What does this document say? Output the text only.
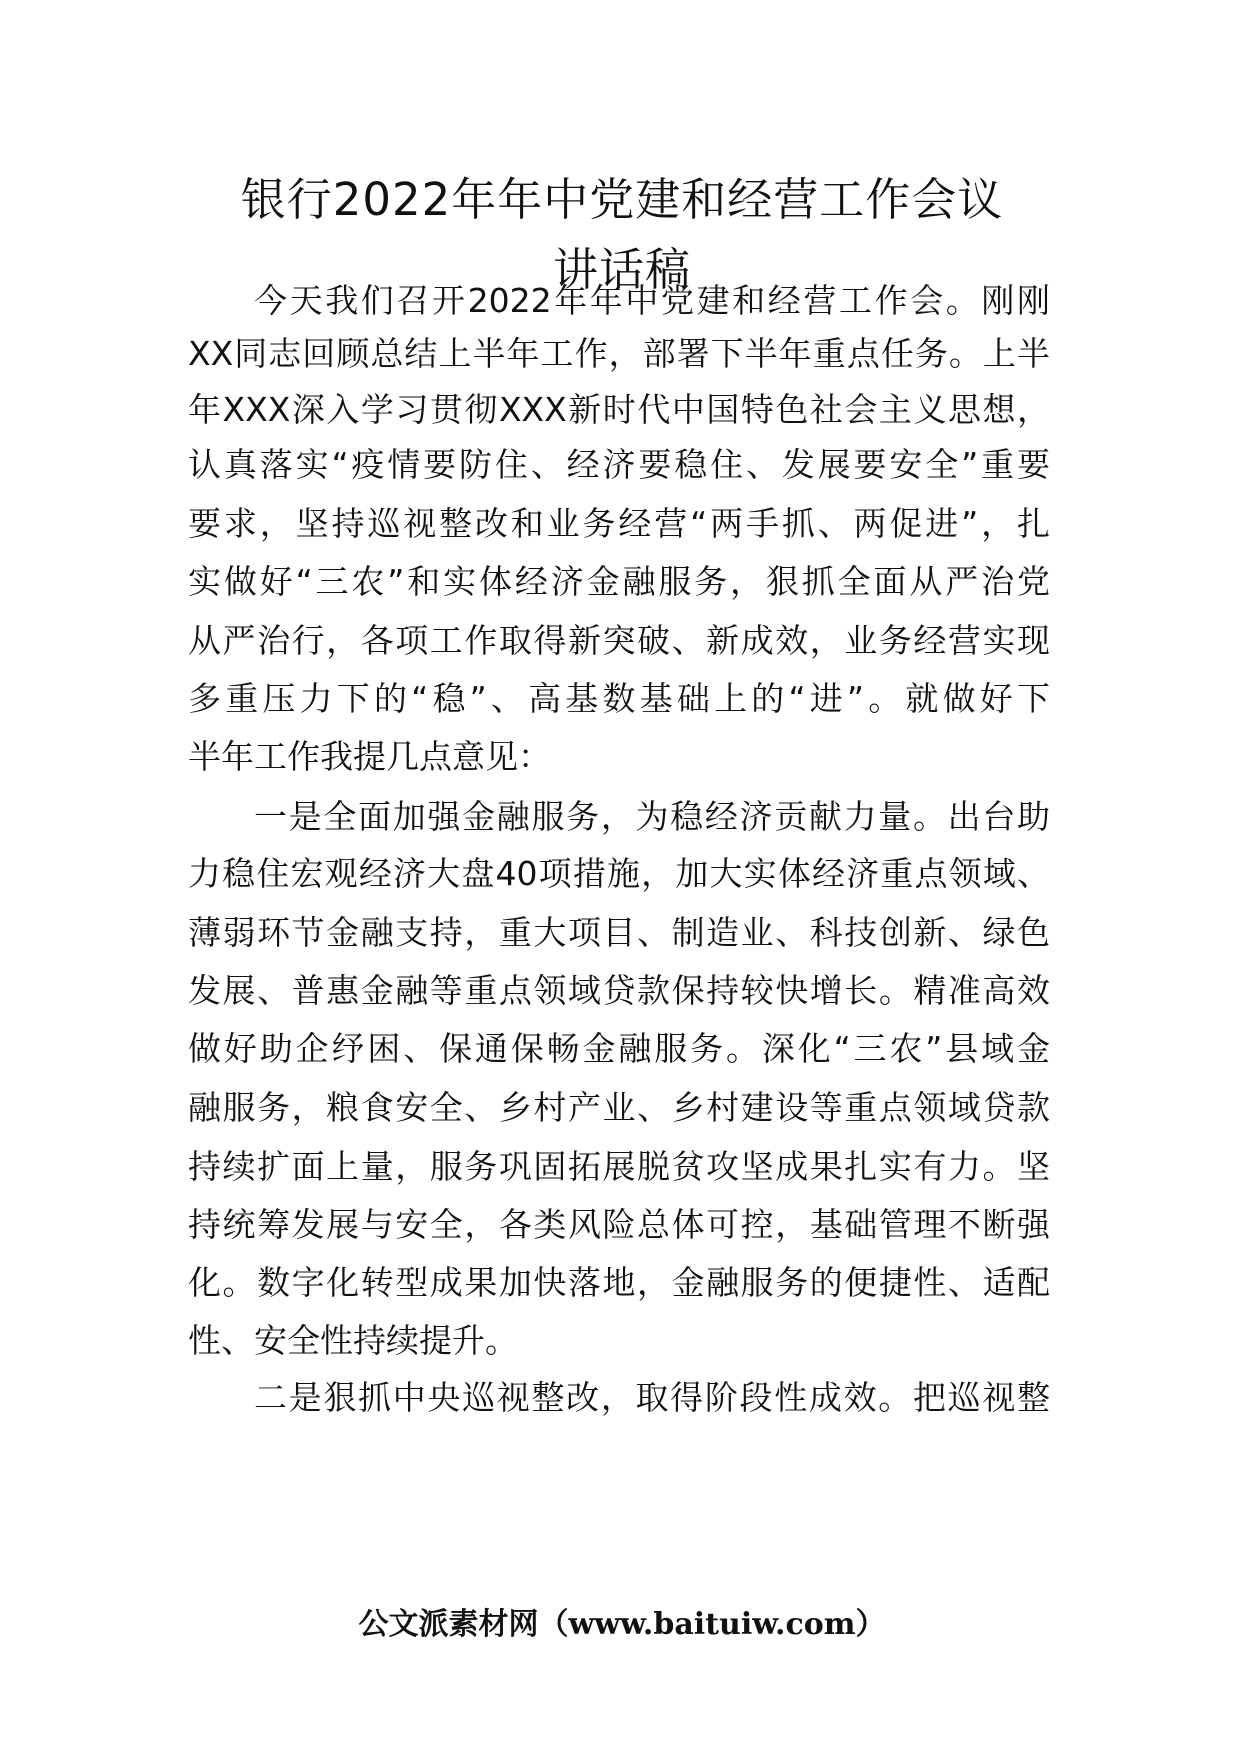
银行2022年年中党建和经营工作会议
讲话稿
今天我们召开2022年年中党建和经营工作会。刚刚
XX同志回顾总结上半年工作，部署下半年重点任务。上半
年XXX深入学习贯彻XXX新时代中国特色社会主义思想，
认真落实“疫情要防住、经济要稳住、发展要安全”重要
要求，坚持巡视整改和业务经营“两手抓、两促进”，扎
实做好“三农”和实体经济金融服务，狠抓全面从严治党
从严治行，各项工作取得新突破、新成效，业务经营实现
多重压力下的“稳”、高基数基础上的“进”。就做好下
半年工作我提几点意见：
一是全面加强金融服务，为稳经济贡献力量。出台助
力稳住宏观经济大盘40项措施，加大实体经济重点领域、
薄弱环节金融支持，重大项目、制造业、科技创新、绿色
发展、普惠金融等重点领域贷款保持较快增长。精准高效
做好助企纾困、保通保畅金融服务。深化“三农”县域金
融服务，粮食安全、乡村产业、乡村建设等重点领域贷款
持续扩面上量，服务巩固拓展脱贫攻坚成果扎实有力。坚
持统筹发展与安全，各类风险总体可控，基础管理不断强
化。数字化转型成果加快落地，金融服务的便捷性、适配
性、安全性持续提升。
二是狠抓中央巡视整改，取得阶段性成效。把巡视整
公文派素材网（www.baituiw.com）
